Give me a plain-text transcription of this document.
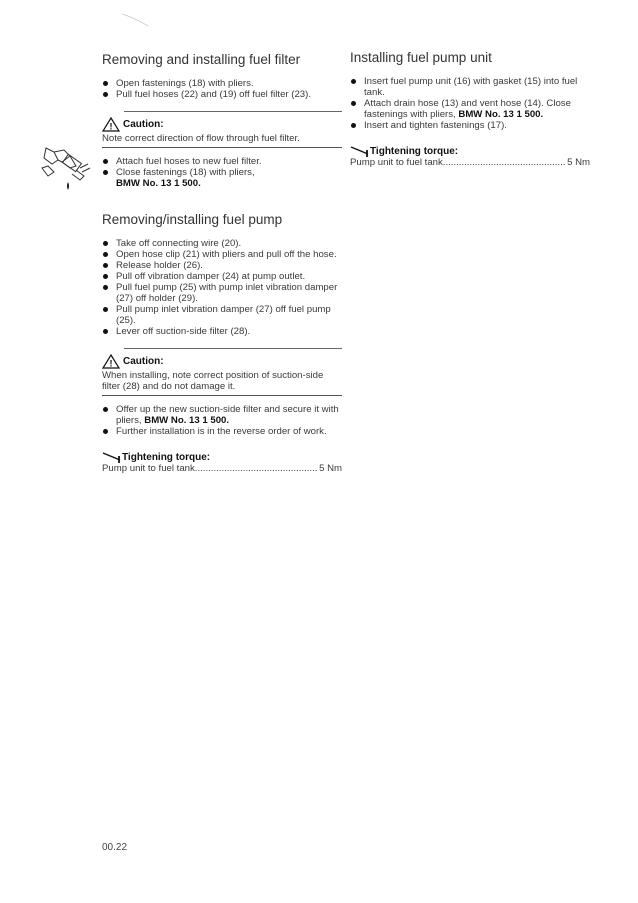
Removing and installing fuel filter
Open fastenings (18) with pliers.
Pull fuel hoses (22) and (19) off fuel filter (23).
! Caution:
Note correct direction of flow through fuel filter.
Attach fuel hoses to new fuel filter.
Close fastenings (18) with pliers,
BMW No. 13 1 500.
Removing/installing fuel pump
Take off connecting wire (20).
Open hose clip (21) with pliers and pull off the hose.
Release holder (26).
Pull off vibration damper (24) at pump outlet.
Pull fuel pump (25) with pump inlet vibration damper (27) off holder (29).
Pull pump inlet vibration damper (27) off fuel pump (25).
Lever off suction-side filter (28).
! Caution:
When installing, note correct position of suction-side filter (28) and do not damage it.
Offer up the new suction-side filter and secure it with pliers, BMW No. 13 1 500.
Further installation is in the reverse order of work.
Tightening torque:
Pump unit to fuel tank .....	5 Nm
Installing fuel pump unit
Insert fuel pump unit (16) with gasket (15) into fuel tank.
Attach drain hose (13) and vent hose (14). Close fastenings with pliers, BMW No. 13 1 500.
Insert and tighten fastenings (17).
Tightening torque:
Pump unit to fuel tank .....	5 Nm
00.22
